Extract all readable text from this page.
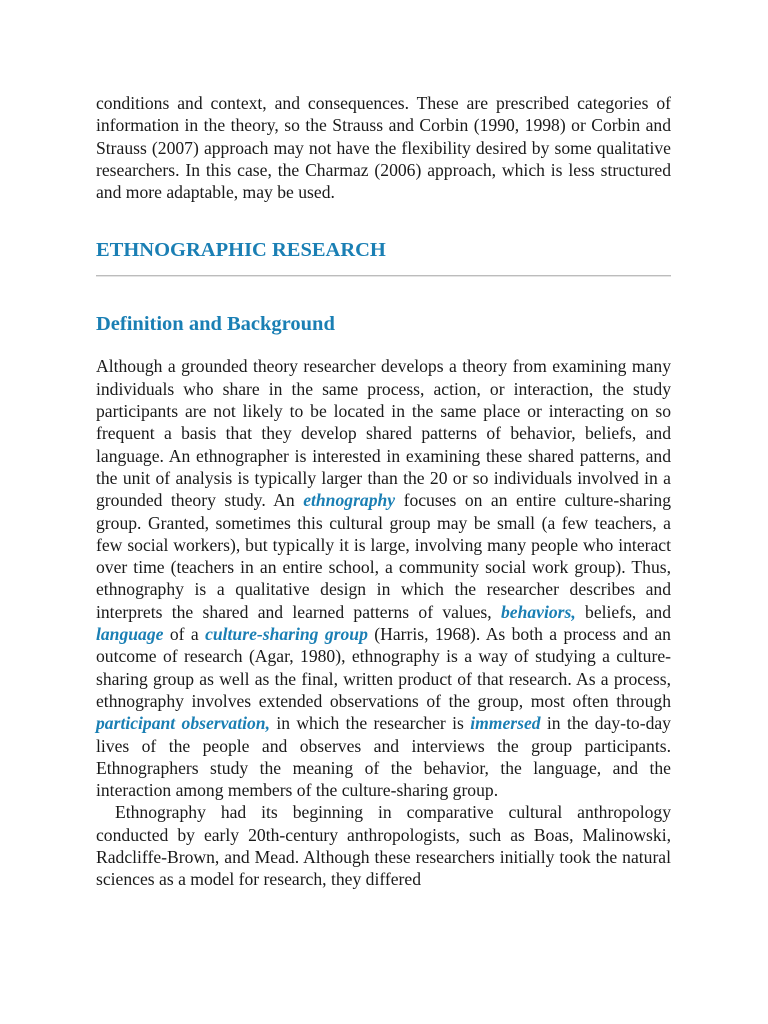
conditions and context, and consequences. These are prescribed categories of information in the theory, so the Strauss and Corbin (1990, 1998) or Corbin and Strauss (2007) approach may not have the flexibility desired by some qualitative researchers. In this case, the Charmaz (2006) approach, which is less structured and more adaptable, may be used.

ETHNOGRAPHIC RESEARCH
Definition and Background

Although a grounded theory researcher develops a theory from examining many individuals who share in the same process, action, or interaction, the study participants are not likely to be located in the same place or interacting on so frequent a basis that they develop shared patterns of behavior, beliefs, and language. An ethnographer is interested in examining these shared patterns, and the unit of analysis is typically larger than the 20 or so individuals involved in a grounded theory study. An ethnography focuses on an entire culture-sharing group. Granted, sometimes this cultural group may be small (a few teachers, a few social workers), but typically it is large, involving many people who interact over time (teachers in an entire school, a community social work group). Thus, ethnography is a qualitative design in which the researcher describes and interprets the shared and learned patterns of values, behaviors, beliefs, and language of a culture-sharing group (Harris, 1968). As both a process and an outcome of research (Agar, 1980), ethnography is a way of studying a culture-sharing group as well as the final, written product of that research. As a process, ethnography involves extended observations of the group, most often through participant observation, in which the researcher is immersed in the day-to-day lives of the people and observes and interviews the group participants. Ethnographers study the meaning of the behavior, the language, and the interaction among members of the culture-sharing group.

Ethnography had its beginning in comparative cultural anthropology conducted by early 20th-century anthropologists, such as Boas, Malinowski, Radcliffe-Brown, and Mead. Although these researchers initially took the natural sciences as a model for research, they differed
